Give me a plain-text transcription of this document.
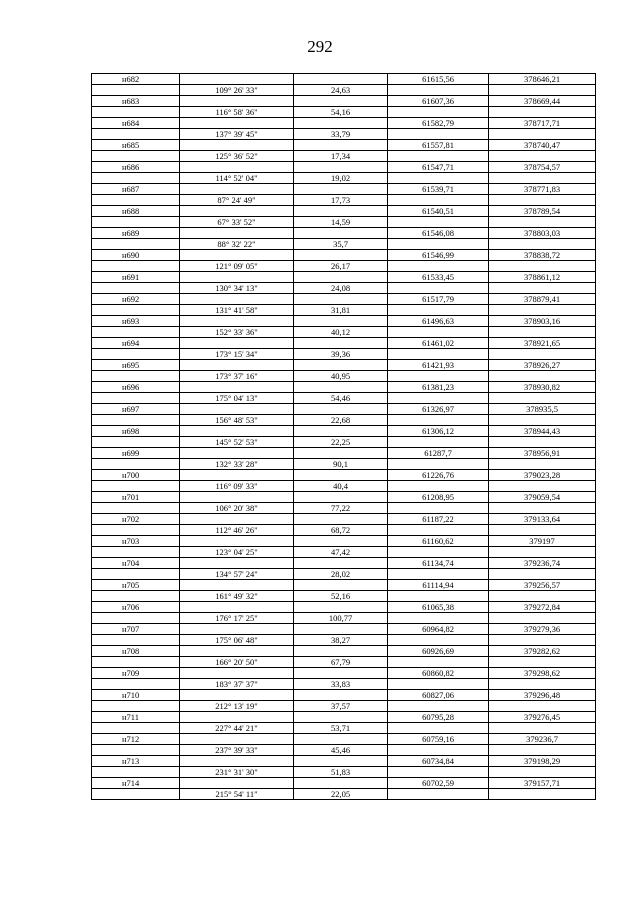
292
н682			61615,56	378646,21
	109° 26' 33"	24,63		
н683			61607,36	378669,44
	116° 58' 36"	54,16		
н684			61582,79	378717,71
	137° 39' 45"	33,79		
н685			61557,81	378740,47
	125° 36' 52"	17,34		
н686			61547,71	378754,57
	114° 52' 04"	19,02		
н687			61539,71	378771,83
	87° 24' 49"	17,73		
н688			61540,51	378789,54
	67° 33' 52"	14,59		
н689			61546,08	378803,03
	88° 32' 22"	35,7		
н690			61546,99	378838,72
	121° 09' 05"	26,17		
н691			61533,45	378861,12
	130° 34' 13"	24,08		
н692			61517,79	378879,41
	131° 41' 58"	31,81		
н693			61496,63	378903,16
	152° 33' 36"	40,12		
н694			61461,02	378921,65
	173° 15' 34"	39,36		
н695			61421,93	378926,27
	173° 37' 16"	40,95		
н696			61381,23	378930,82
	175° 04' 13"	54,46		
н697			61326,97	378935,5
	156° 48' 53"	22,68		
н698			61306,12	378944,43
	145° 52' 53"	22,25		
н699			61287,7	378956,91
	132° 33' 28"	90,1		
н700			61226,76	379023,28
	116° 09' 33"	40,4		
н701			61208,95	379059,54
	106° 20' 38"	77,22		
н702			61187,22	379133,64
	112° 46' 26"	68,72		
н703			61160,62	379197
	123° 04' 25"	47,42		
н704			61134,74	379236,74
	134° 57' 24"	28,02		
н705			61114,94	379256,57
	161° 49' 32"	52,16		
н706			61065,38	379272,84
	176° 17' 25"	100,77		
н707			60964,82	379279,36
	175° 06' 48"	38,27		
н708			60926,69	379282,62
	166° 20' 50"	67,79		
н709			60860,82	379298,62
	183° 37' 37"	33,83		
н710			60827,06	379296,48
	212° 13' 19"	37,57		
н711			60795,28	379276,45
	227° 44' 21"	53,71		
н712			60759,16	379236,7
	237° 39' 33"	45,46		
н713			60734,84	379198,29
	231° 31' 30"	51,83		
н714			60702,59	379157,71
	215° 54' 11"	22,05		
